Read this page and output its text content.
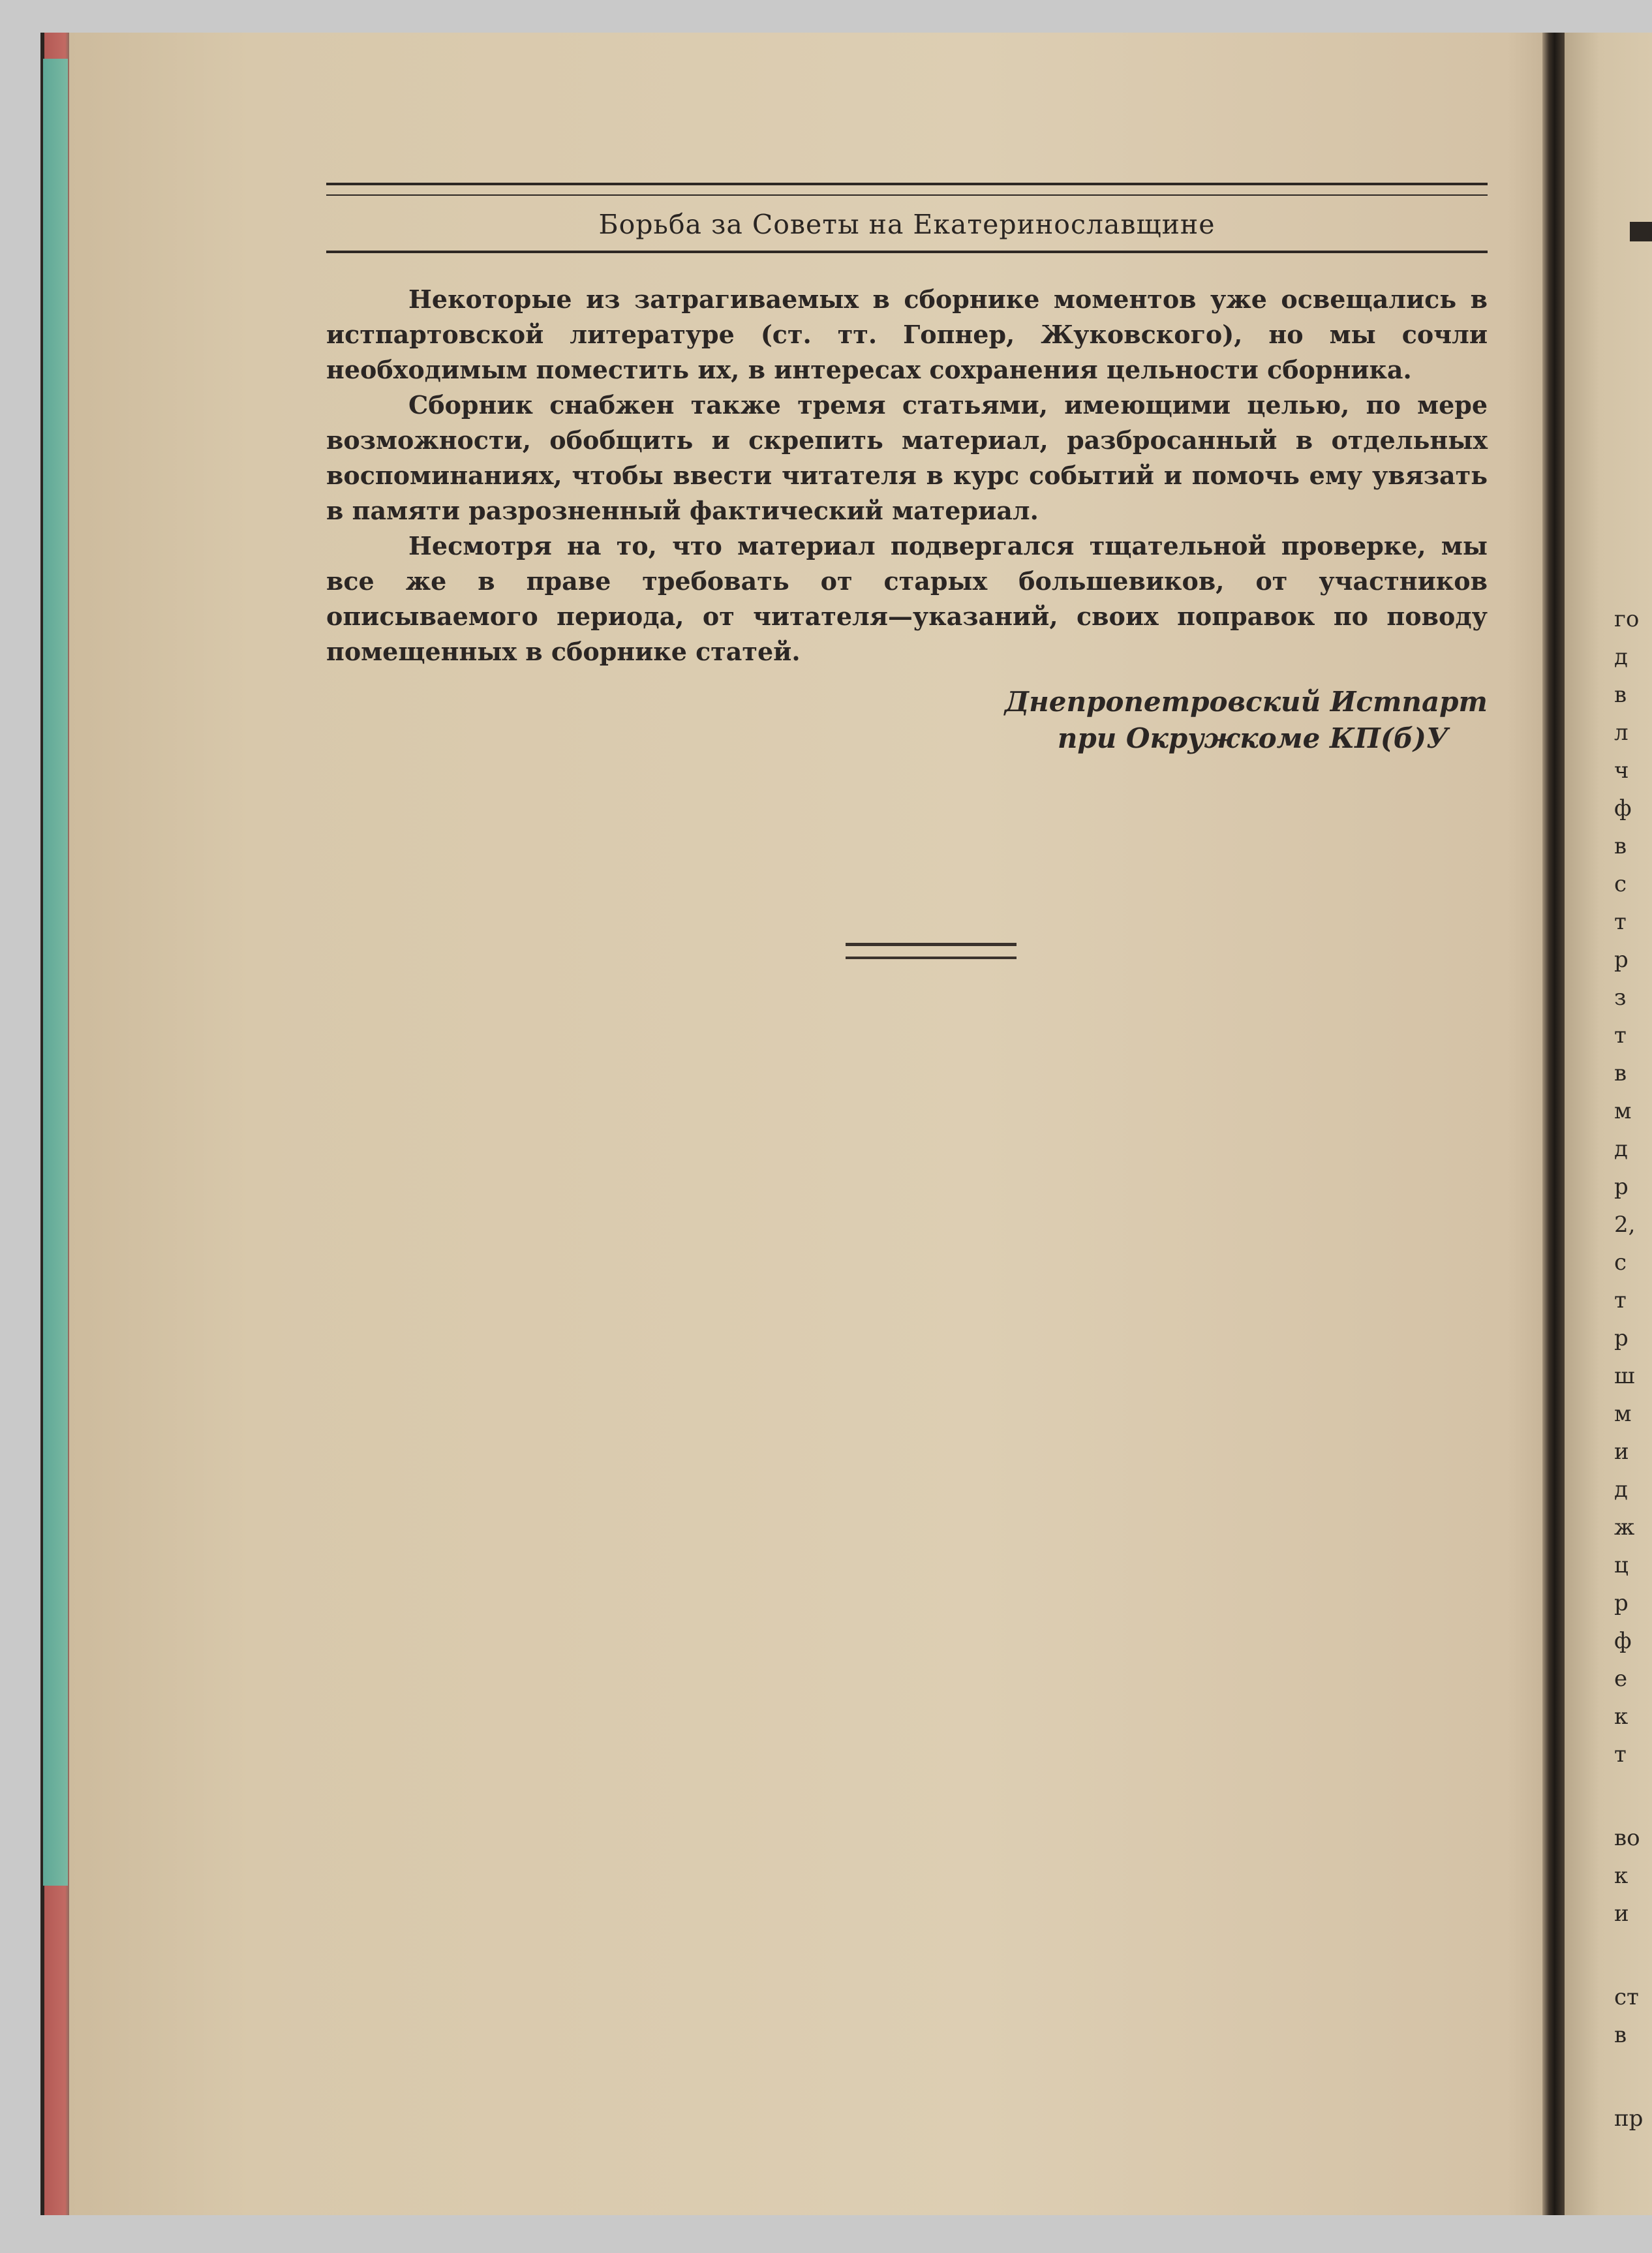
го
д
в
л
ч
ф
в
с
т
р
з
т
в
м
д
р
2,
с
т
р
ш
м
и
д
ж
ц
р
ф
е
к
т
во
к
и
ст
в
пр
Борьба за Советы на Екатеринославщине

Некоторые из затрагиваемых в сборнике моментов уже освещались в истпартовской литературе (ст. тт. Гопнер, Жуковского), но мы сочли необходимым поместить их, в интересах сохранения цельности сборника.

Сборник снабжен также тремя статьями, имеющими целью, по мере возможности, обобщить и скрепить материал, разбросанный в отдельных воспоминаниях, чтобы ввести читателя в курс событий и помочь ему увязать в памяти разрозненный фактический материал.

Несмотря на то, что материал подвергался тщательной проверке, мы все же в праве требовать от старых большевиков, от участников описываемого периода, от читателя—указаний, своих поправок по поводу помещенных в сборнике статей.

Днепропетровский Истпарт
при Окружкоме КП(б)У
